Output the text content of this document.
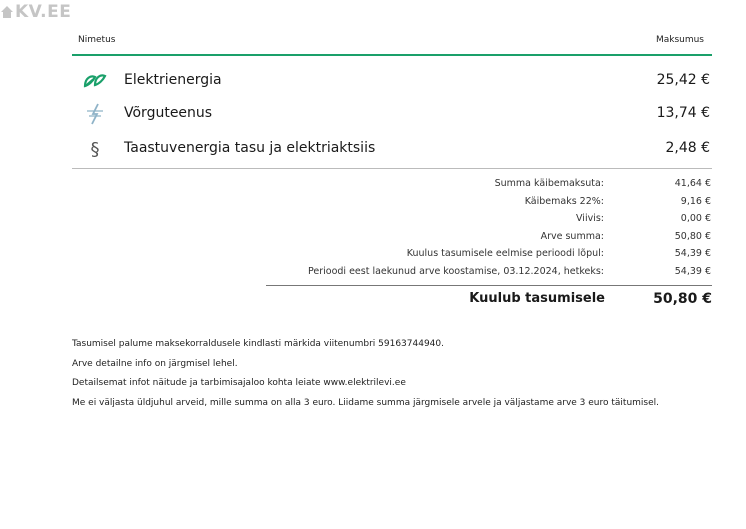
KV.EE
Nimetus	Maksumus
Elektrienergia	25,42 €
Võrguteenus	13,74 €
§	Taastuvenergia tasu ja elektriaktsiis	2,48 €
Summa käibemaksuta:	41,64 €
Käibemaks 22%:	9,16 €
Viivis:	0,00 €
Arve summa:	50,80 €
Kuulus tasumisele eelmise perioodi lõpul:	54,39 €
Perioodi eest laekunud arve koostamise, 03.12.2024, hetkeks:	54,39 €
Kuulub tasumisele	50,80 €

Tasumisel palume maksekorraldusele kindlasti märkida viitenumbri 59163744940.

Arve detailne info on järgmisel lehel.

Detailsemat infot näitude ja tarbimisajaloo kohta leiate www.elektrilevi.ee

Me ei väljasta üldjuhul arveid, mille summa on alla 3 euro. Liidame summa järgmisele arvele ja väljastame arve 3 euro täitumisel.
